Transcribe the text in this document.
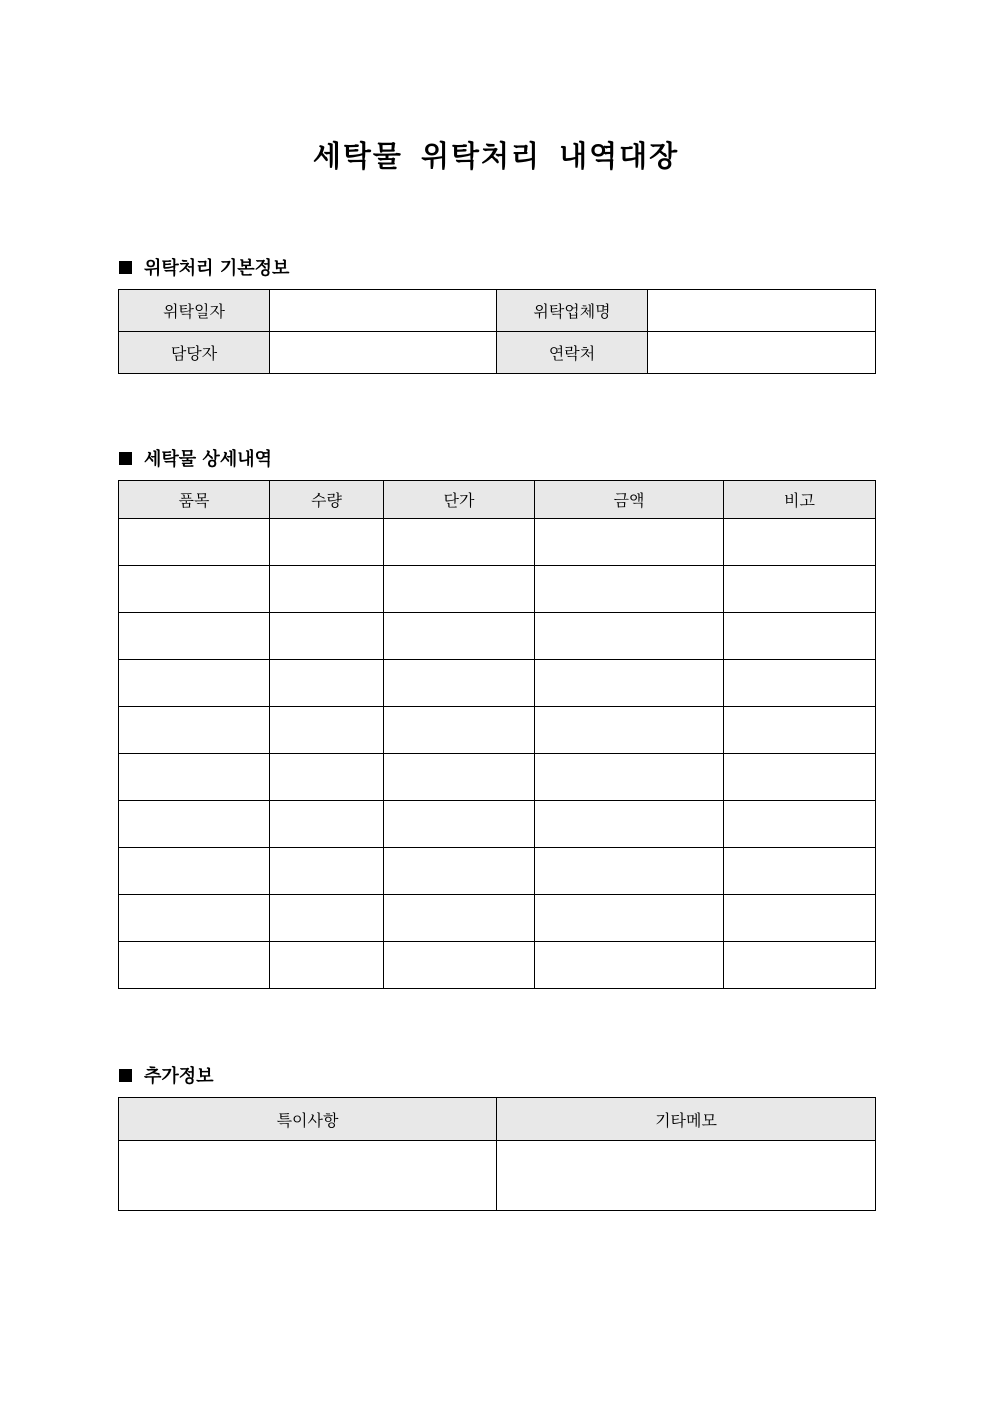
세탁물 위탁처리 내역대장
위탁처리 기본정보
위탁일자		위탁업체명	
담당자		연락처	
세탁물 상세내역
품목	수량	단가	금액	비고

추가정보
특이사항	기타메모
